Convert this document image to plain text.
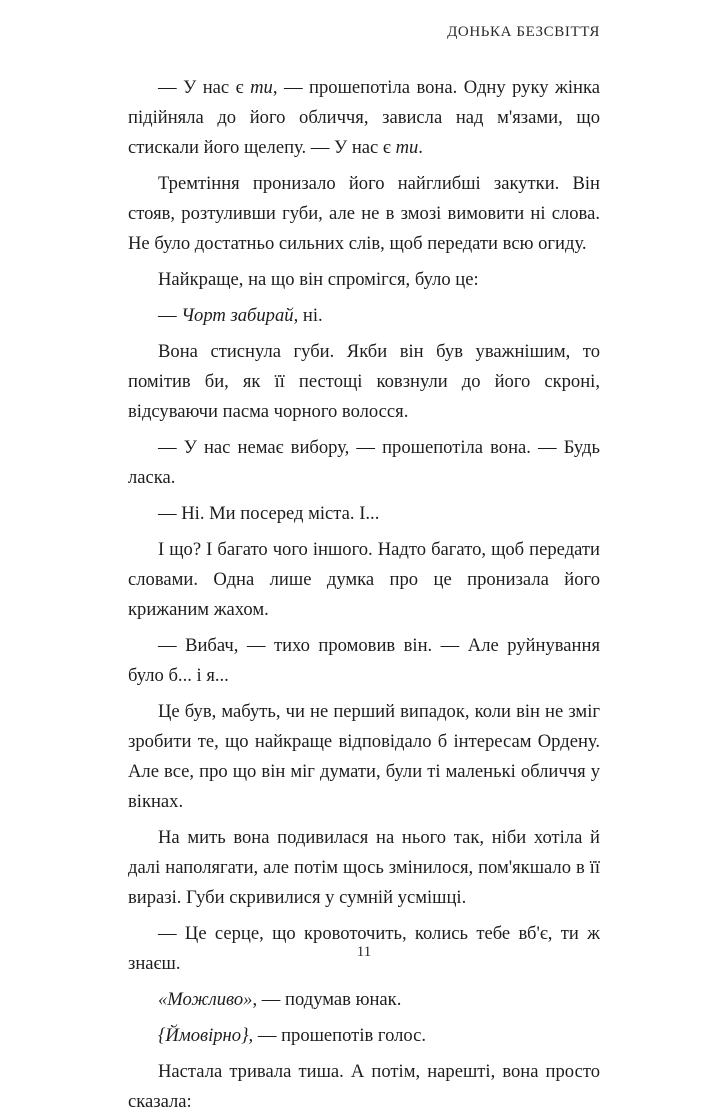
ДОНЬКА БЕЗСВІТТЯ

— У нас є ти, — прошепотіла вона. Одну руку жінка підійняла до його обличчя, зависла над м'язами, що стискали його щелепу. — У нас є ти.

Тремтіння пронизало його найглибші закутки. Він стояв, розтуливши губи, але не в змозі вимовити ні слова. Не було достатньо сильних слів, щоб передати всю огиду.

Найкраще, на що він спромігся, було це:

— Чорт забирай, ні.

Вона стиснула губи. Якби він був уважнішим, то помітив би, як її пестощі ковзнули до його скроні, відсуваючи пасма чорного волосся.

— У нас немає вибору, — прошепотіла вона. — Будь ласка.

— Ні. Ми посеред міста. І...

І що? І багато чого іншого. Надто багато, щоб передати словами. Одна лише думка про це пронизала його крижаним жахом.

— Вибач, — тихо промовив він. — Але руйнування було б... і я...

Це був, мабуть, чи не перший випадок, коли він не зміг зробити те, що найкраще відповідало б інтересам Ордену. Але все, про що він міг думати, були ті маленькі обличчя у вікнах.

На мить вона подивилася на нього так, ніби хотіла й далі наполягати, але потім щось змінилося, пом'якшало в її виразі. Губи скривилися у сумній усмішці.

— Це серце, що кровоточить, колись тебе вб'є, ти ж знаєш.

«Можливо», — подумав юнак.

{Ймовірно}, — прошепотів голос.

Настала тривала тиша. А потім, нарешті, вона просто сказала:

11
